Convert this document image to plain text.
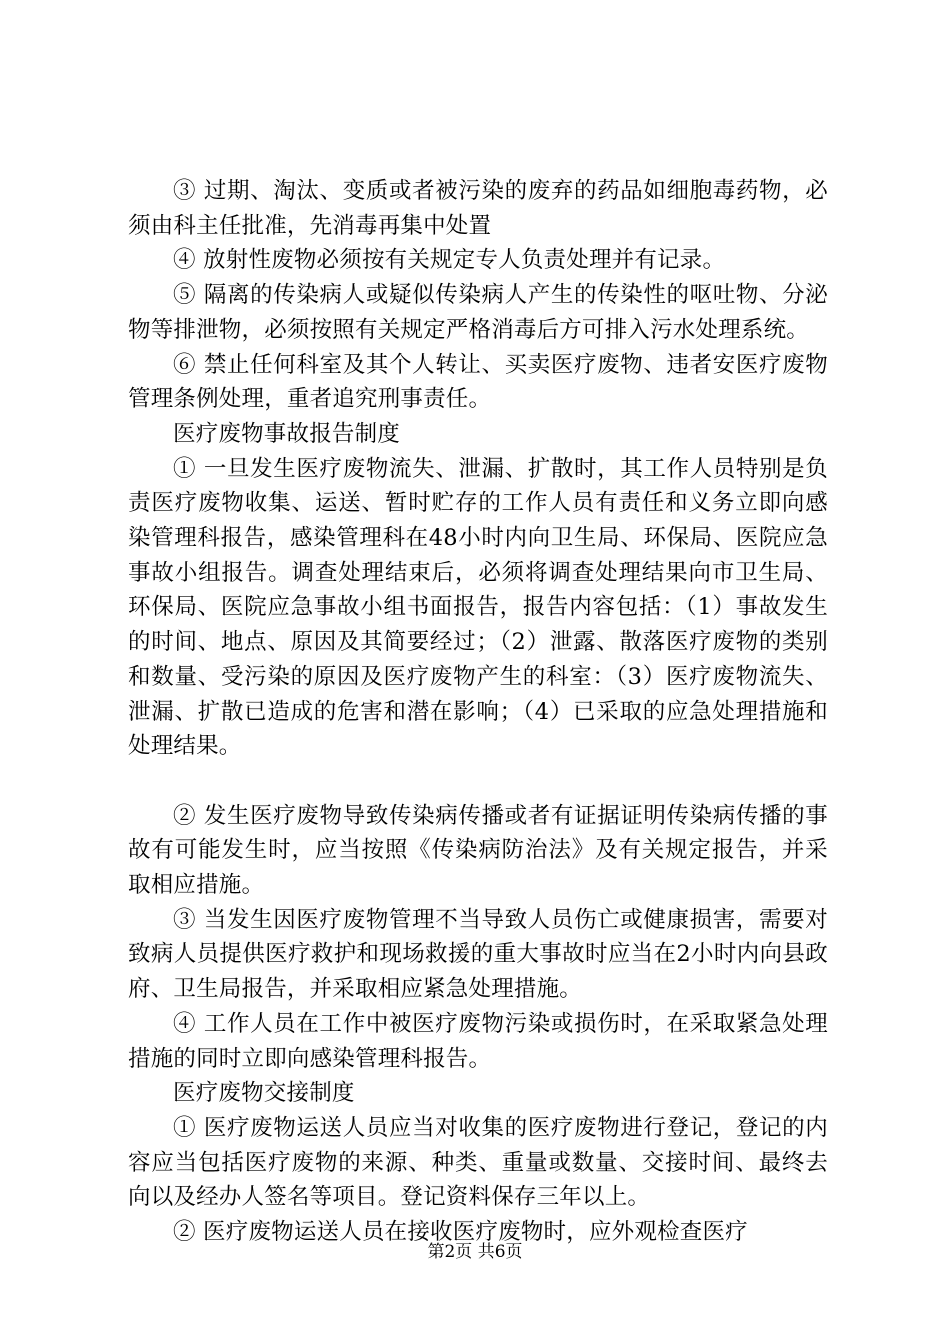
③ 过期、淘汰、变质或者被污染的废弃的药品如细胞毒药物，必须由科主任批准，先消毒再集中处置

④ 放射性废物必须按有关规定专人负责处理并有记录。

⑤ 隔离的传染病人或疑似传染病人产生的传染性的呕吐物、分泌物等排泄物，必须按照有关规定严格消毒后方可排入污水处理系统。

⑥ 禁止任何科室及其个人转让、买卖医疗废物、违者安医疗废物管理条例处理，重者追究刑事责任。

医疗废物事故报告制度

① 一旦发生医疗废物流失、泄漏、扩散时，其工作人员特别是负责医疗废物收集、运送、暂时贮存的工作人员有责任和义务立即向感染管理科报告，感染管理科在48小时内向卫生局、环保局、医院应急事故小组报告。调查处理结束后，必须将调查处理结果向市卫生局、环保局、医院应急事故小组书面报告，报告内容包括：（1）事故发生的时间、地点、原因及其简要经过；（2）泄露、散落医疗废物的类别和数量、受污染的原因及医疗废物产生的科室：（3）医疗废物流失、泄漏、扩散已造成的危害和潜在影响；（4）已采取的应急处理措施和处理结果。

② 发生医疗废物导致传染病传播或者有证据证明传染病传播的事故有可能发生时，应当按照《传染病防治法》及有关规定报告，并采取相应措施。

③ 当发生因医疗废物管理不当导致人员伤亡或健康损害，需要对致病人员提供医疗救护和现场救援的重大事故时应当在2小时内向县政府、卫生局报告，并采取相应紧急处理措施。

④ 工作人员在工作中被医疗废物污染或损伤时，在采取紧急处理措施的同时立即向感染管理科报告。

医疗废物交接制度

① 医疗废物运送人员应当对收集的医疗废物进行登记，登记的内容应当包括医疗废物的来源、种类、重量或数量、交接时间、最终去向以及经办人签名等项目。登记资料保存三年以上。

② 医疗废物运送人员在接收医疗废物时，应外观检查医疗

第2页 共6页
